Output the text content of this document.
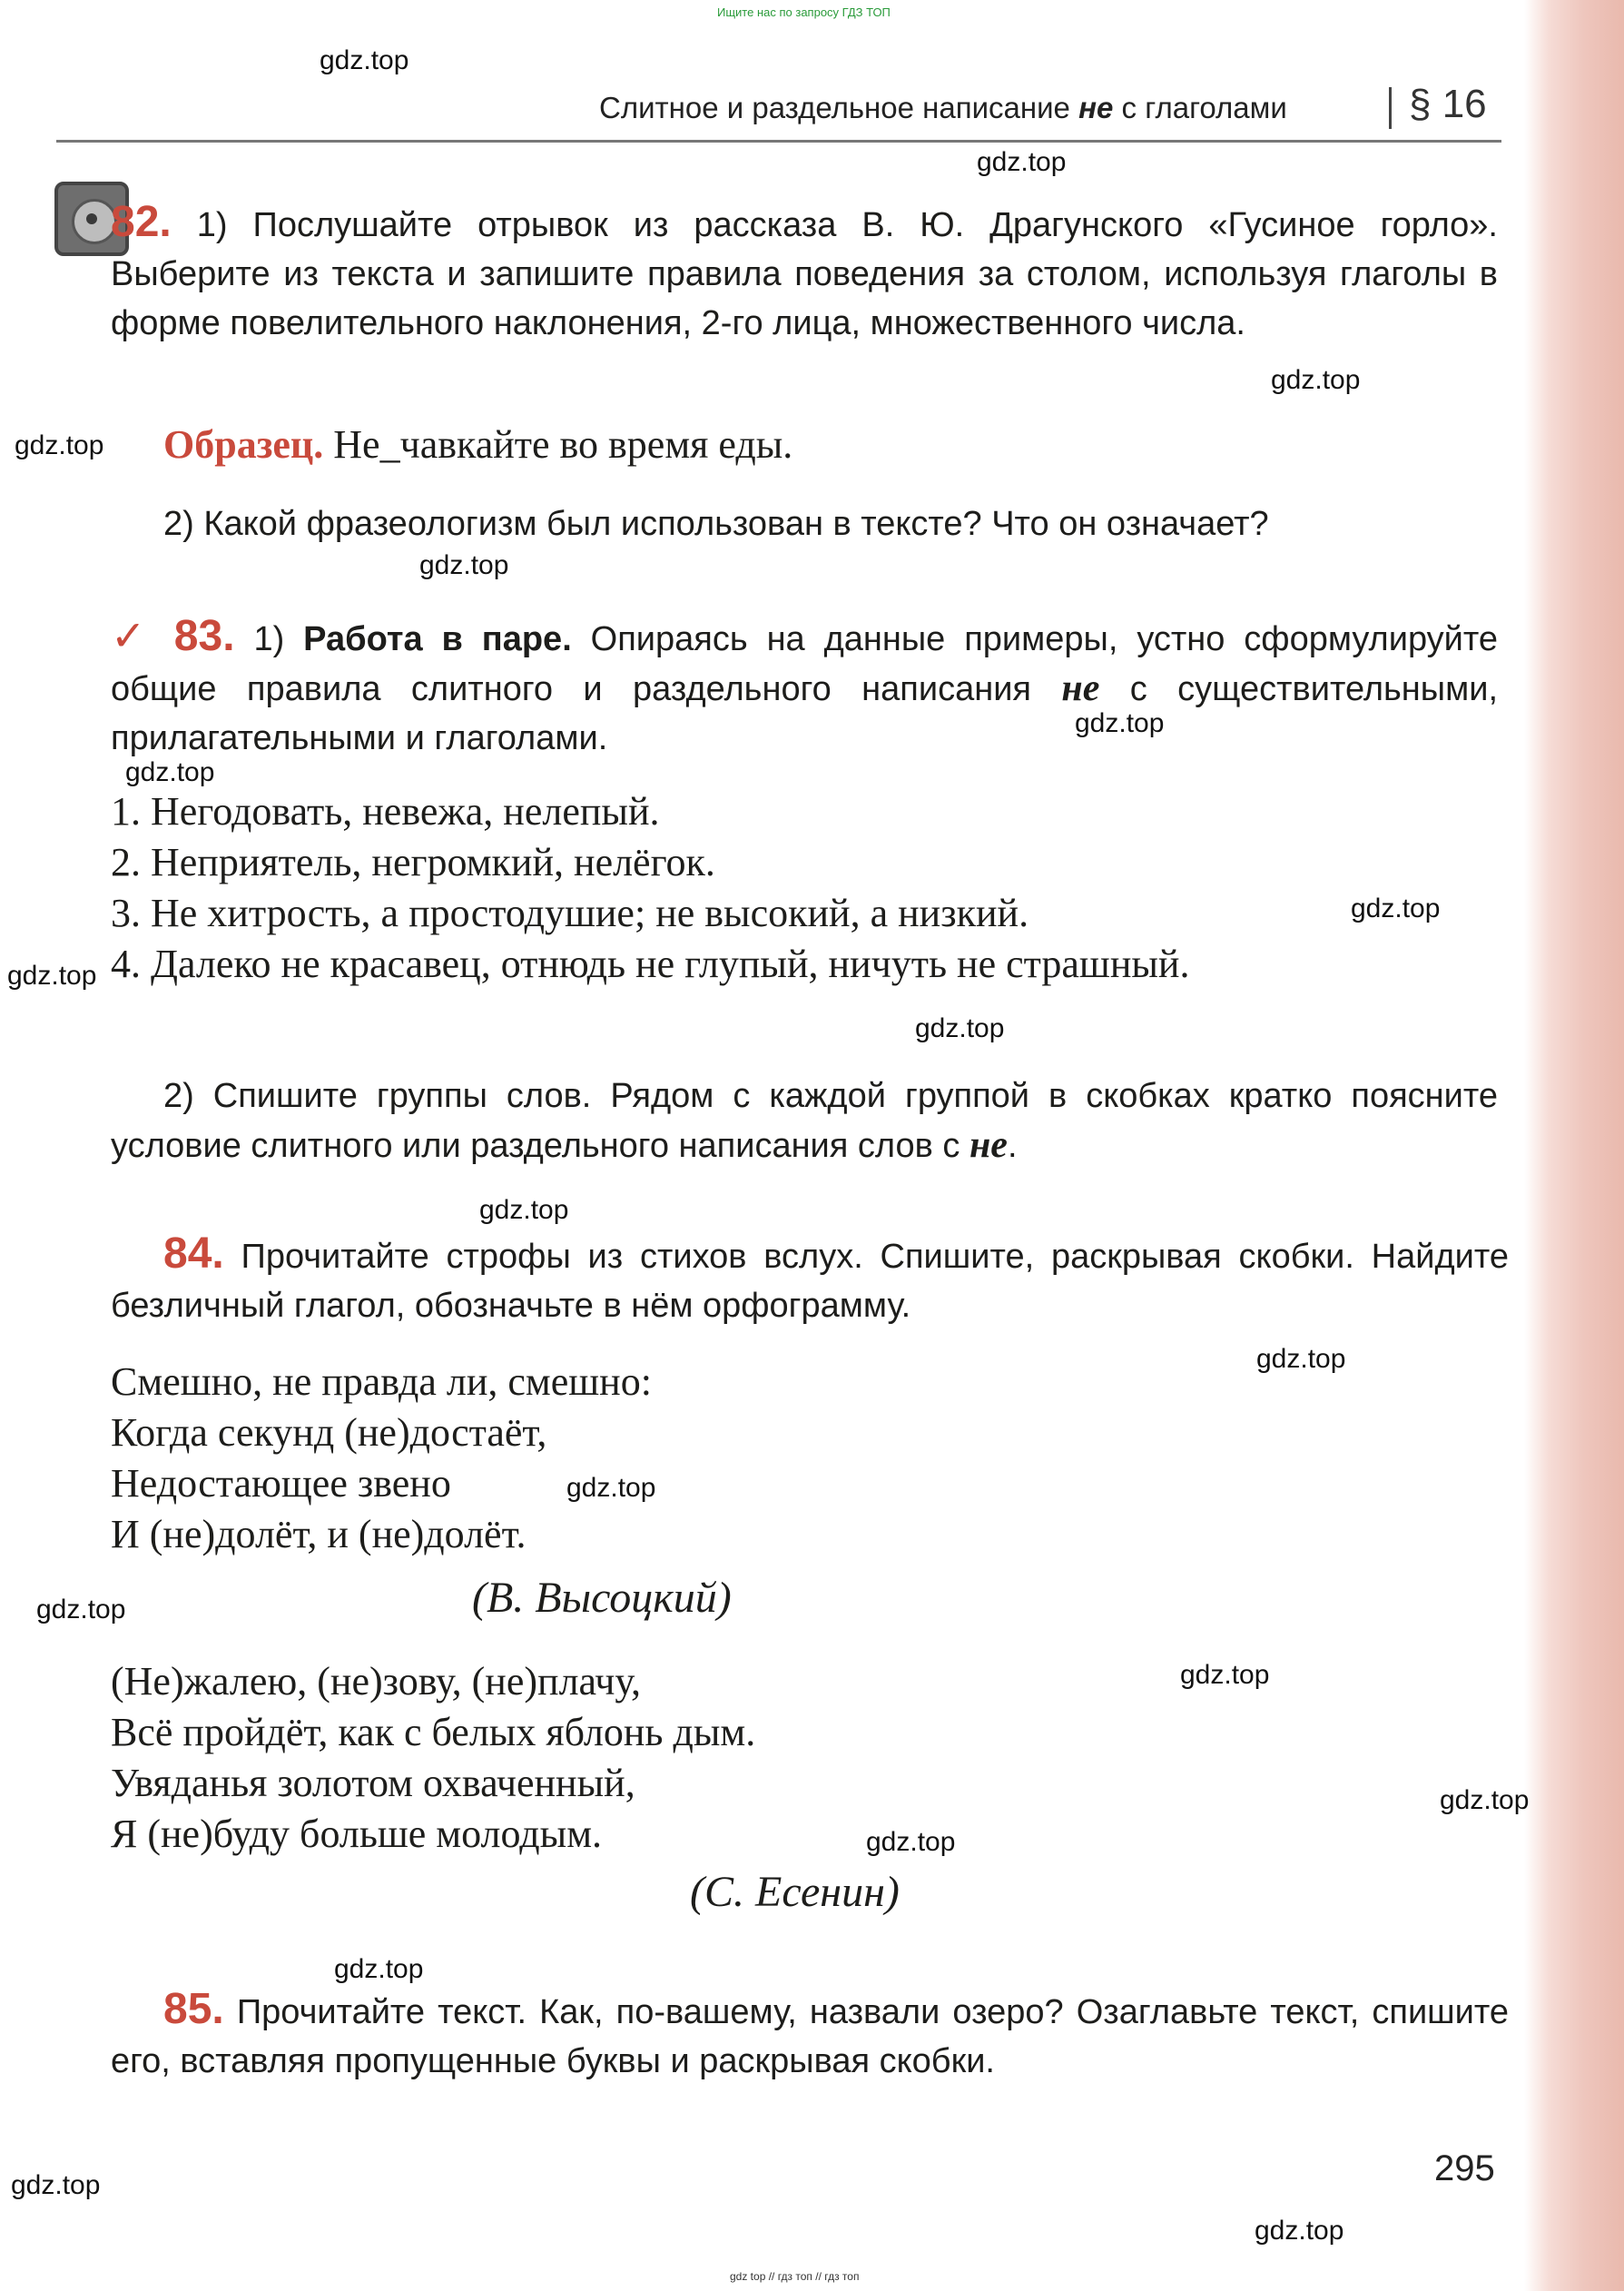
Ищите нас по запросу ГДЗ ТОП
Слитное и раздельное написание не с глаголами	§ 16
82. 1) Послушайте отрывок из рассказа В. Ю. Драгунского «Гусиное горло». Выберите из текста и запишите правила поведения за столом, используя глаголы в форме повелительного наклонения, 2-го лица, множественного числа.
Образец. Не_чавкайте во время еды.
2) Какой фразеологизм был использован в тексте? Что он означает?
✓ 83. 1) Работа в паре. Опираясь на данные примеры, устно сформулируйте общие правила слитного и раздельного написания не с существительными, прилагательными и глаголами.
1. Негодовать, невежа, нелепый.
2. Неприятель, негромкий, нелёгок.
3. Не хитрость, а простодушие; не высокий, а низкий.
4. Далеко не красавец, отнюдь не глупый, ничуть не страшный.
2) Спишите группы слов. Рядом с каждой группой в скобках кратко поясните условие слитного или раздельного написания слов с не.
84. Прочитайте строфы из стихов вслух. Спишите, раскрывая скобки. Найдите безличный глагол, обозначьте в нём орфограмму.
Смешно, не правда ли, смешно:
Когда секунд (не)достаёт,
Недостающее звено
И (не)долёт, и (не)долёт.
(В. Высоцкий)
(Не)жалею, (не)зову, (не)плачу,
Всё пройдёт, как с белых яблонь дым.
Увяданья золотом охваченный,
Я (не)буду больше молодым.
(С. Есенин)
85. Прочитайте текст. Как, по-вашему, назвали озеро? Озаглавьте текст, спишите его, вставляя пропущенные буквы и раскрывая скобки.
295
gdz.top
gdz.top
gdz.top
gdz.top
gdz.top
gdz.top
gdz.top
gdz.top
gdz.top
gdz.top
gdz.top
gdz.top
gdz.top
gdz.top
gdz.top
gdz.top
gdz.top
gdz.top
gdz.top
gdz.top
gdz top // гдз топ // гдз топ
